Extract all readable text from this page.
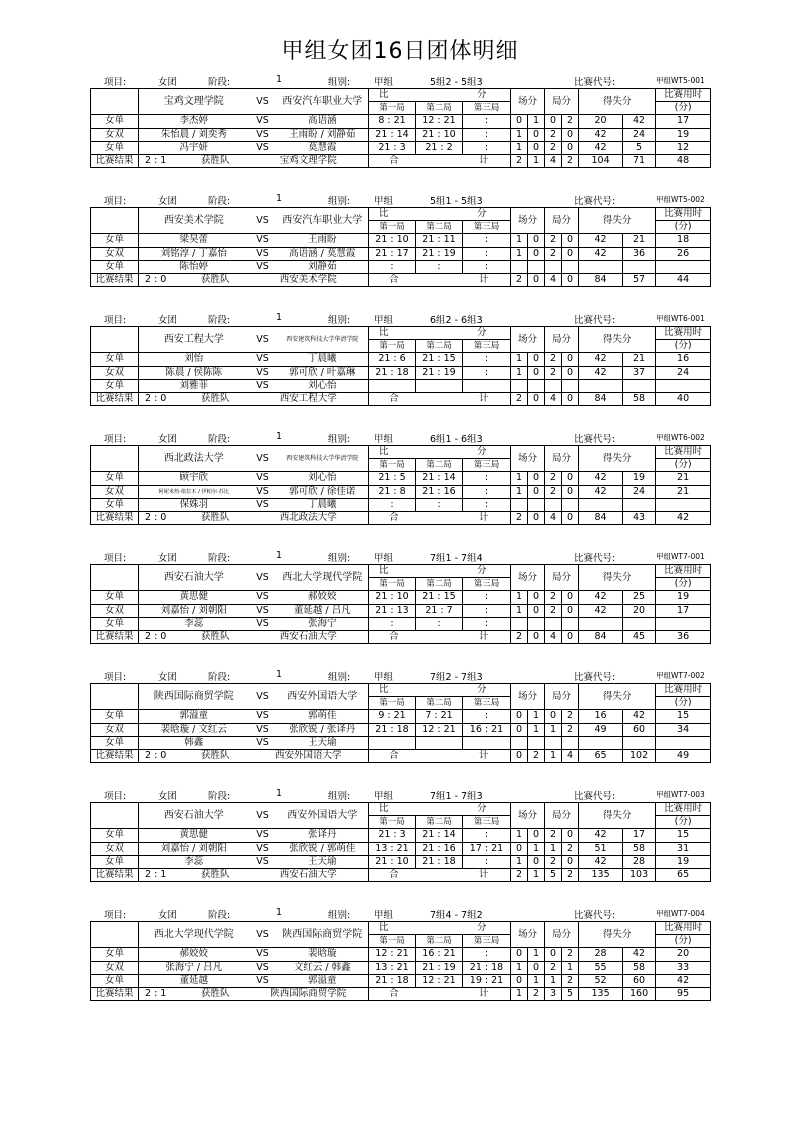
甲组女团16日团体明细
项目:	女团	阶段:	1	组别:	甲组	5组2 - 5组3	比赛代号:	甲组WT5-001
	宝鸡文理学院	VS	西安汽车职业大学	比 分			场分		局分		得失分		比赛用时
				第一局	第二局	第三局							(分)
女单	李杰婷	VS	高语涵	8 : 21	12 : 21	:	0	1	0	2	20	42	17
女双	朱怡晨 / 刘奕秀	VS	王雨盼 / 刘静茹	21 : 14	21 : 10	:	1	0	2	0	42	24	19
女单	冯宇妍	VS	莫慧霞	21 : 3	21 : 2	:	1	0	2	0	42	5	12
比赛结果	2 : 1 获胜队	宝鸡文理学院		合 计			2	1	4	2	104	71	48
项目:	女团	阶段:	1	组别:	甲组	5组1 - 5组3	比赛代号:	甲组WT5-002
	西安美术学院	VS	西安汽车职业大学	比 分			场分		局分		得失分		比赛用时
				第一局	第二局	第三局							(分)
女单	梁昊蕾	VS	王雨盼	21 : 10	21 : 11	:	1	0	2	0	42	21	18
女双	刘铭淳 / 丁嘉怡	VS	高语涵 / 莫慧霞	21 : 17	21 : 19	:	1	0	2	0	42	36	26
女单	陈怡婷	VS	刘静茹	:	:	:							
比赛结果	2 : 0 获胜队	西安美术学院		合 计			2	0	4	0	84	57	44
项目:	女团	阶段:	1	组别:	甲组	6组2 - 6组3	比赛代号:	甲组WT6-001
	西安工程大学	VS	西安建筑科技大学华清学院	比 分			场分		局分		得失分		比赛用时
				第一局	第二局	第三局							(分)
女单	刘怡	VS	丁晨曦	21 : 6	21 : 15	:	1	0	2	0	42	21	16
女双	陈晨 / 侯陈陈	VS	郭可欣 / 叶嘉琳	21 : 18	21 : 19	:	1	0	2	0	42	37	24
女单	刘雅菲	VS	刘心怡										
比赛结果	2 : 0 获胜队	西安工程大学		合 计			2	0	4	0	84	58	40
项目:	女团	阶段:	1	组别:	甲组	6组1 - 6组3	比赛代号:	甲组WT6-002
	西北政法大学	VS	西安建筑科技大学华清学院	比 分			场分		局分		得失分		比赛用时
				第一局	第二局	第三局							(分)
女单	顾宇欣	VS	刘心怡	21 : 5	21 : 14	:	1	0	2	0	42	19	21
女双	阿妮米热·依拉木 / 伊帕尔·苏比	VS	郭可欣 / 徐佳诺	21 : 8	21 : 16	:	1	0	2	0	42	24	21
女单	保姝羽	VS	丁晨曦	:	:	:							
比赛结果	2 : 0 获胜队	西北政法大学		合 计			2	0	4	0	84	43	42
项目:	女团	阶段:	1	组别:	甲组	7组1 - 7组4	比赛代号:	甲组WT7-001
	西安石油大学	VS	西北大学现代学院	比 分			场分		局分		得失分		比赛用时
				第一局	第二局	第三局							(分)
女单	黄思健	VS	郝姣姣	21 : 10	21 : 15	:	1	0	2	0	42	25	19
女双	刘嘉怡 / 刘朝阳	VS	董延越 / 吕凡	21 : 13	21 : 7	:	1	0	2	0	42	20	17
女单	李蕊	VS	张海宁	:	:	:							
比赛结果	2 : 0 获胜队	西安石油大学		合 计			2	0	4	0	84	45	36
项目:	女团	阶段:	1	组别:	甲组	7组2 - 7组3	比赛代号:	甲组WT7-002
	陕西国际商贸学院	VS	西安外国语大学	比 分			场分		局分		得失分		比赛用时
				第一局	第二局	第三局							(分)
女单	郭溢童	VS	郭萌佳	9 : 21	7 : 21	:	0	1	0	2	16	42	15
女双	裴晗璇 / 文红云	VS	张欣锐 / 张译丹	21 : 18	12 : 21	16 : 21	0	1	1	2	49	60	34
女单	韩鑫	VS	王天瑜										
比赛结果	2 : 0 获胜队	西安外国语大学		合 计			0	2	1	4	65	102	49
项目:	女团	阶段:	1	组别:	甲组	7组1 - 7组3	比赛代号:	甲组WT7-003
	西安石油大学	VS	西安外国语大学	比 分			场分		局分		得失分		比赛用时
				第一局	第二局	第三局							(分)
女单	黄思健	VS	张译丹	21 : 3	21 : 14	:	1	0	2	0	42	17	15
女双	刘嘉怡 / 刘朝阳	VS	张欣锐 / 郭萌佳	13 : 21	21 : 16	17 : 21	0	1	1	2	51	58	31
女单	李蕊	VS	王天瑜	21 : 10	21 : 18	:	1	0	2	0	42	28	19
比赛结果	2 : 1 获胜队	西安石油大学		合 计			2	1	5	2	135	103	65
项目:	女团	阶段:	1	组别:	甲组	7组4 - 7组2	比赛代号:	甲组WT7-004
	西北大学现代学院	VS	陕西国际商贸学院	比 分			场分		局分		得失分		比赛用时
				第一局	第二局	第三局							(分)
女单	郝姣姣	VS	裴晗璇	12 : 21	16 : 21	:	0	1	0	2	28	42	20
女双	张海宁 / 吕凡	VS	文红云 / 韩鑫	13 : 21	21 : 19	21 : 18	1	0	2	1	55	58	33
女单	董延越	VS	郭溢童	21 : 18	12 : 21	19 : 21	0	1	1	2	52	60	42
比赛结果	2 : 1 获胜队	陕西国际商贸学院		合 计			1	2	3	5	135	160	95
